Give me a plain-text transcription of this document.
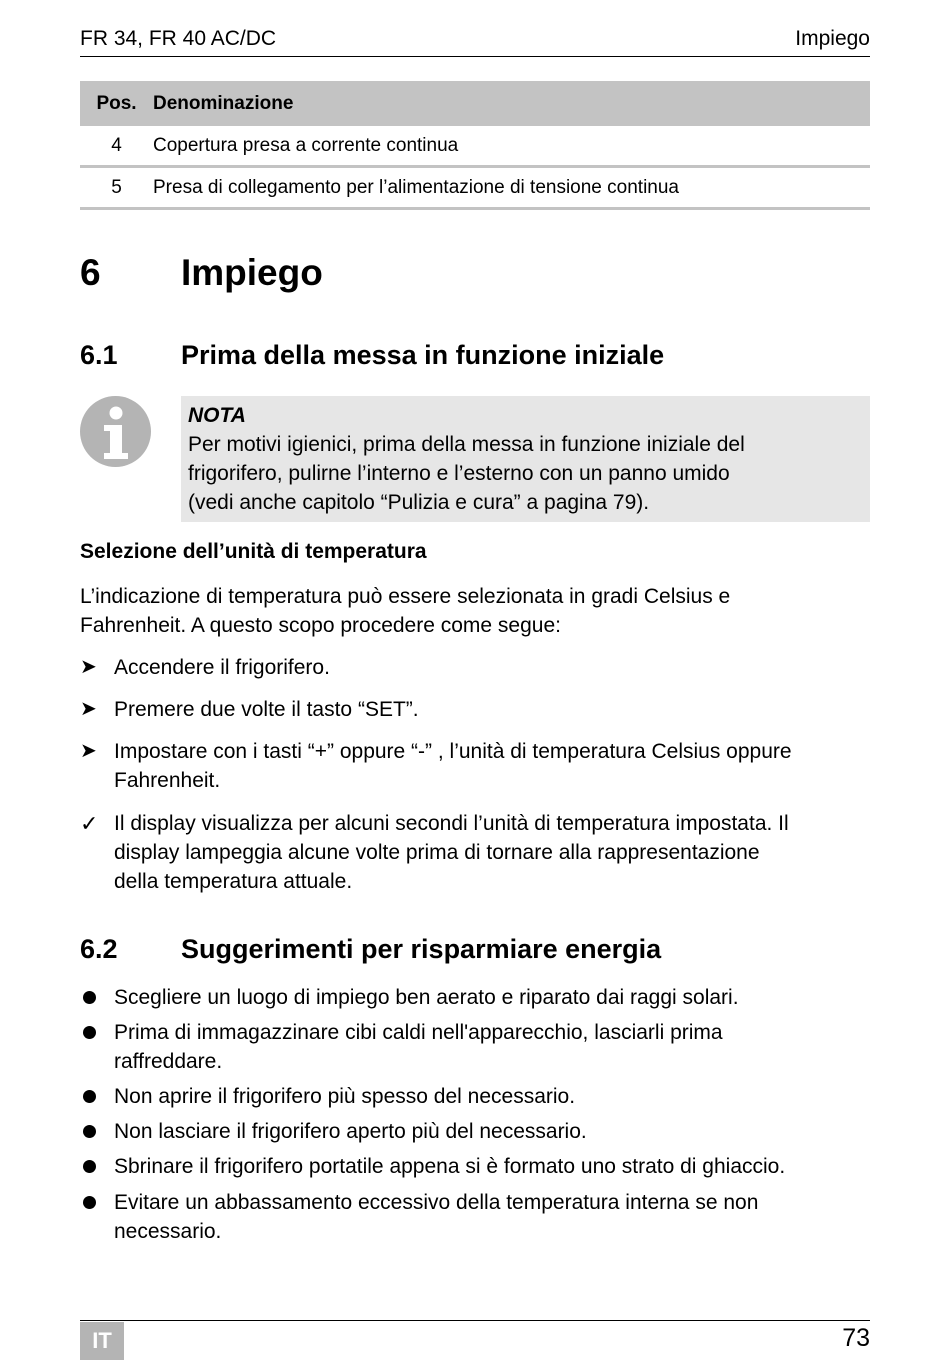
FR 34, FR 40 AC/DC	Impiego
Pos.	Denominazione
4	Copertura presa a corrente continua
5	Presa di collegamento per l’alimentazione di tensione continua
6 Impiego
6.1 Prima della messa in funzione iniziale
NOTA
Per motivi igienici, prima della messa in funzione iniziale del
frigorifero, pulirne l’interno e l’esterno con un panno umido
(vedi anche capitolo “Pulizia e cura” a pagina 79).
Selezione dell’unità di temperatura
L’indicazione di temperatura può essere selezionata in gradi Celsius e
Fahrenheit. A questo scopo procedere come segue:
➤ Accendere il frigorifero.
➤ Premere due volte il tasto “SET”.
➤ Impostare con i tasti “+” oppure “-” , l’unità di temperatura Celsius oppure
Fahrenheit.
✓ Il display visualizza per alcuni secondi l’unità di temperatura impostata. Il
display lampeggia alcune volte prima di tornare alla rappresentazione
della temperatura attuale.
6.2 Suggerimenti per risparmiare energia
Scegliere un luogo di impiego ben aerato e riparato dai raggi solari.
Prima di immagazzinare cibi caldi nell'apparecchio, lasciarli prima
raffreddare.
Non aprire il frigorifero più spesso del necessario.
Non lasciare il frigorifero aperto più del necessario.
Sbrinare il frigorifero portatile appena si è formato uno strato di ghiaccio.
Evitare un abbassamento eccessivo della temperatura interna se non
necessario.
IT	73
